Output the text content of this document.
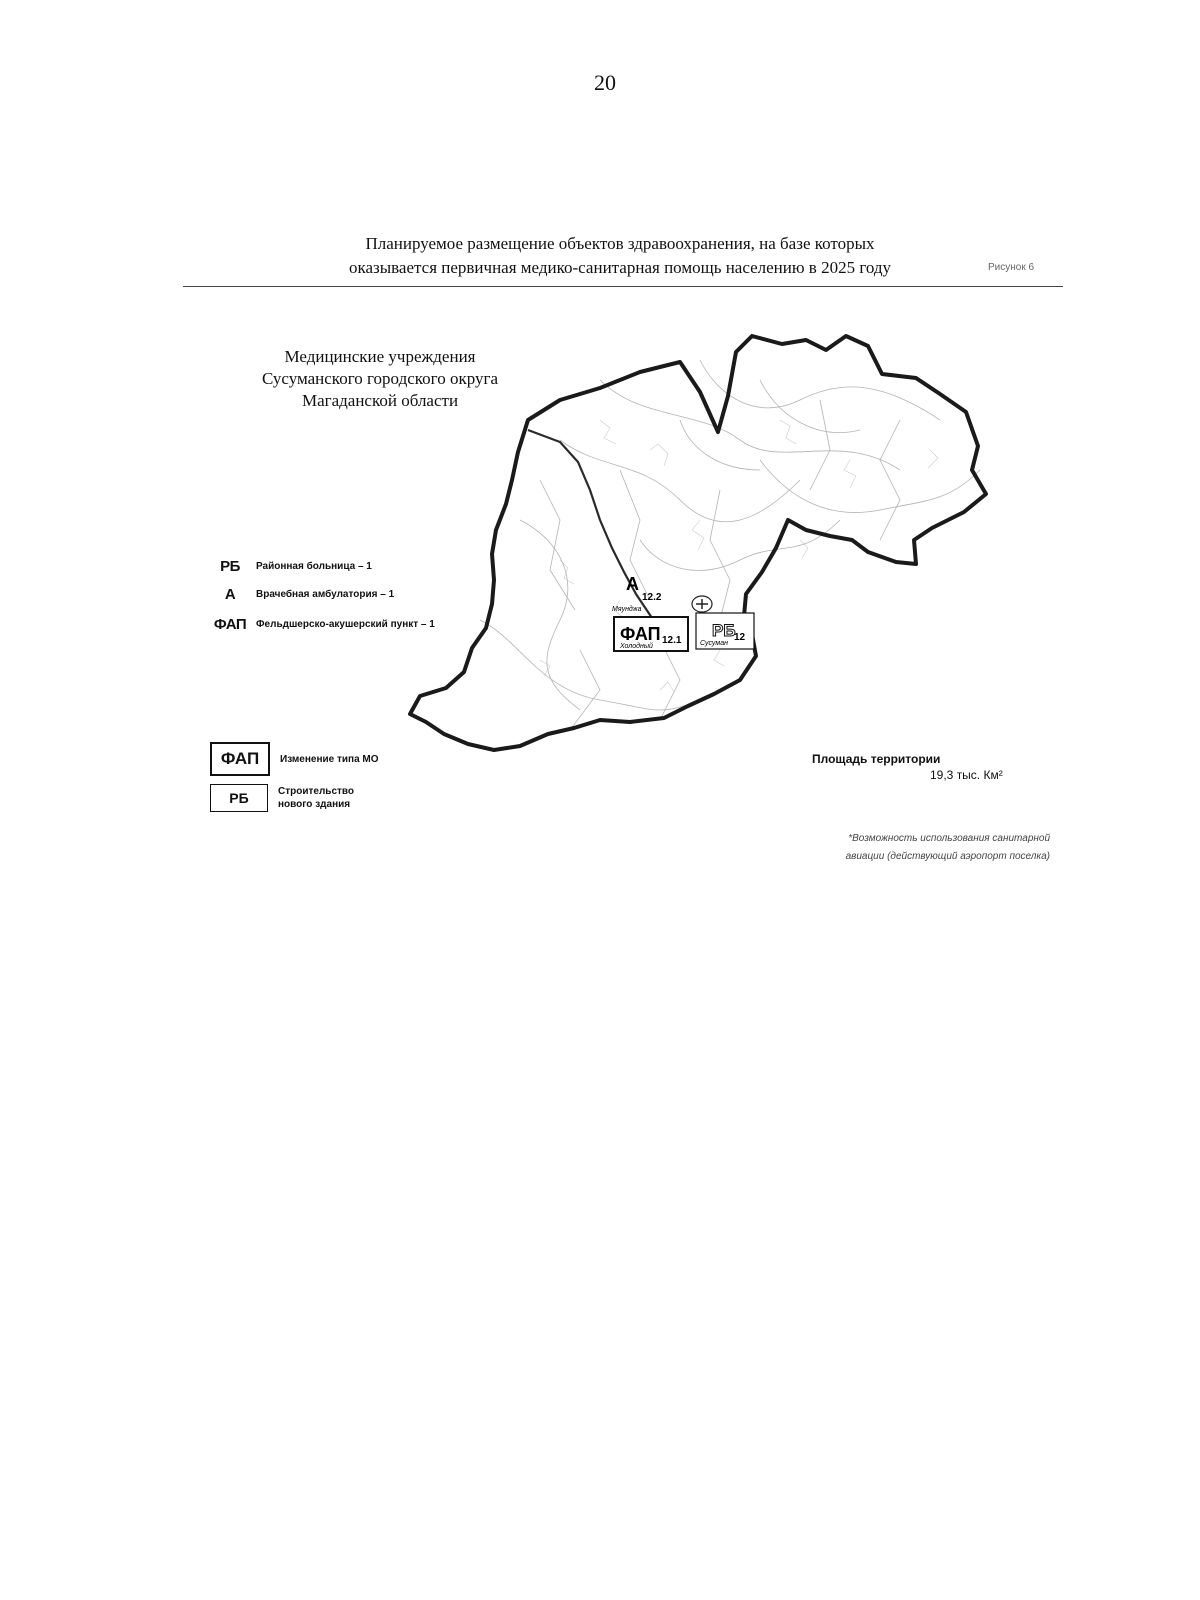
20
Планируемое размещение объектов здравоохранения, на базе которых
оказывается первичная медико-санитарная помощь населению в 2025 году	Рисунок 6
А
12.2
Мяунджа
ФАП 12.1
Холодный
РБ
12
Сусуман
Медицинские учреждения
Сусуманского городского округа
Магаданской области
РБ	Районная больница – 1
А	Врачебная амбулатория – 1
ФАП Фельдшерско-акушерский пункт – 1
ФАП	Изменение типа МО
РБ	Строительство
нового здания
Площадь территории
19,3 тыс. Км²
*Возможность использования санитарной
авиации (действующий аэропорт поселка)
